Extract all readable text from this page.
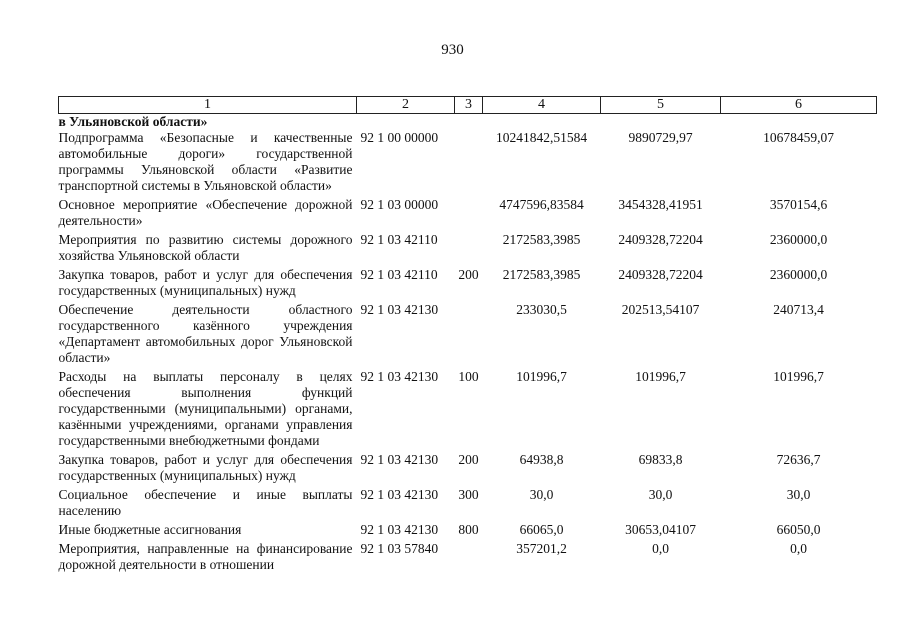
930
1	2	3	4	5	6
в Ульяновской области»					
Подпрограмма «Безопасные и качественные автомобильные дороги» государственной программы Ульяновской области «Развитие транспортной системы в Ульяновской области»	92 1 00 00000		10241842,51584	9890729,97	10678459,07
Основное мероприятие «Обеспечение дорожной деятельности»	92 1 03 00000		4747596,83584	3454328,41951	3570154,6
Мероприятия по развитию системы дорожного хозяйства Ульяновской области	92 1 03 42110		2172583,3985	2409328,72204	2360000,0
Закупка товаров, работ и услуг для обеспечения государственных (муниципальных) нужд	92 1 03 42110	200	2172583,3985	2409328,72204	2360000,0
Обеспечение деятельности областного государственного казённого учреждения «Департамент автомобильных дорог Ульяновской области»	92 1 03 42130		233030,5	202513,54107	240713,4
Расходы на выплаты персоналу в целях обеспечения выполнения функций государственными (муниципальными) органами, казёнными учреждениями, органами управления государственными внебюджетными фондами	92 1 03 42130	100	101996,7	101996,7	101996,7
Закупка товаров, работ и услуг для обеспечения государственных (муниципальных) нужд	92 1 03 42130	200	64938,8	69833,8	72636,7
Социальное обеспечение и иные выплаты населению	92 1 03 42130	300	30,0	30,0	30,0
Иные бюджетные ассигнования	92 1 03 42130	800	66065,0	30653,04107	66050,0
Мероприятия, направленные на финансирование дорожной деятельности в отношении	92 1 03 57840		357201,2	0,0	0,0
